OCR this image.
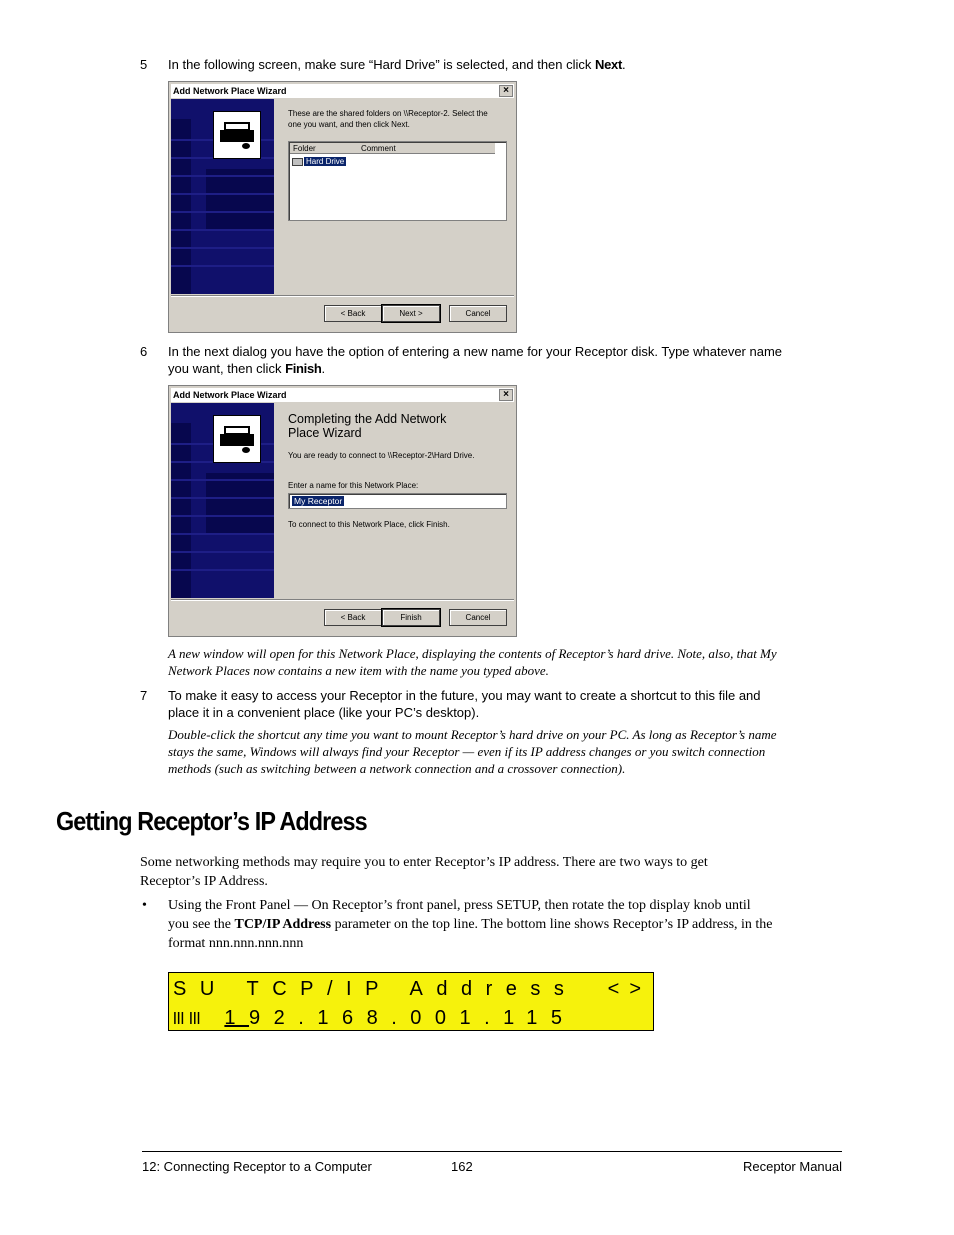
5 In the following screen, make sure “Hard Drive” is selected, and then click Next.
Add Network Place Wizard	×
These are the shared folders on \\Receptor-2. Select the
one you want, and then click Next.
Folder	Comment
Hard Drive
< Back	Next >	Cancel
6 In the next dialog you have the option of entering a new name for your Receptor disk. Type whatever name
you want, then click Finish.
Add Network Place Wizard	×
Completing the Add Network
Place Wizard
You are ready to connect to \\Receptor-2\Hard Drive.
Enter a name for this Network Place:
My Receptor
To connect to this Network Place, click Finish.
< Back	Finish	Cancel
A new window will open for this Network Place, displaying the contents of Receptor’s hard drive. Note, also, that My
Network Places now contains a new item with the name you typed above.
7 To make it easy to access your Receptor in the future, you may want to create a shortcut to this file and
place it in a convenient place (like your PC’s desktop).
Double-click the shortcut any time you want to mount Receptor’s hard drive on your PC. As long as Receptor’s name
stays the same, Windows will always find your Receptor — even if its IP address changes or you switch connection
methods (such as switching between a network connection and a crossover connection).
Getting Receptor’s IP Address
Some networking methods may require you to enter Receptor’s IP address. There are two ways to get
Receptor’s IP Address.
• Using the Front Panel — On Receptor’s front panel, press SETUP, then rotate the top display knob until
you see the TCP/IP Address parameter on the top line. The bottom line shows Receptor’s IP address, in the
format nnn.nnn.nnn.nnn
SU TCP/IP Address <>
lll lll 192.168.001.115
12: Connecting Receptor to a Computer	162	Receptor Manual
